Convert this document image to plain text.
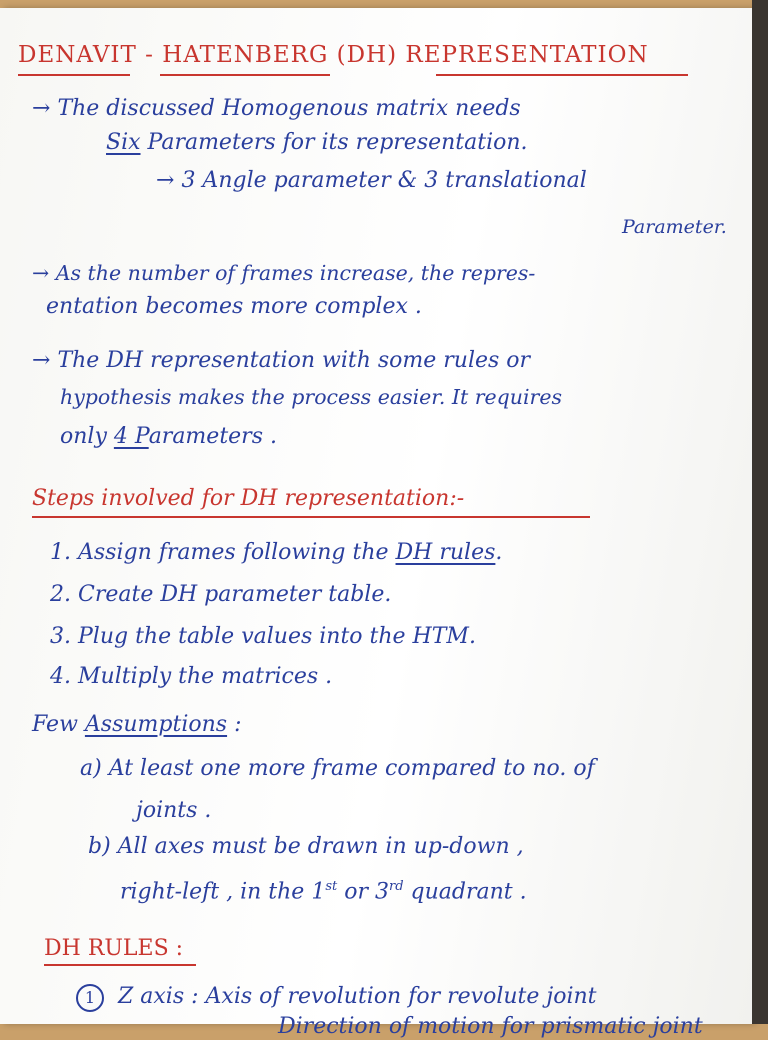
DENAVIT - HATENBERG (DH) REPRESENTATION
→ The discussed Homogenous matrix needs
Six Parameters for its representation.
→ 3 Angle parameter & 3 translational
Parameter.
→ As the number of frames increase, the repres-
entation becomes more complex .
→ The DH representation with some rules or
hypothesis makes the process easier. It requires
only 4 Parameters .
Steps involved for DH representation:-
1. Assign frames following the DH rules.
2. Create DH parameter table.
3. Plug the table values into the HTM.
4. Multiply the matrices .
Few Assumptions :
a) At least one more frame compared to no. of
joints .
b) All axes must be drawn in up-down ,
right-left , in the 1st or 3rd quadrant .
DH RULES :
1 Z axis : Axis of revolution for revolute joint
Direction of motion for prismatic joint
